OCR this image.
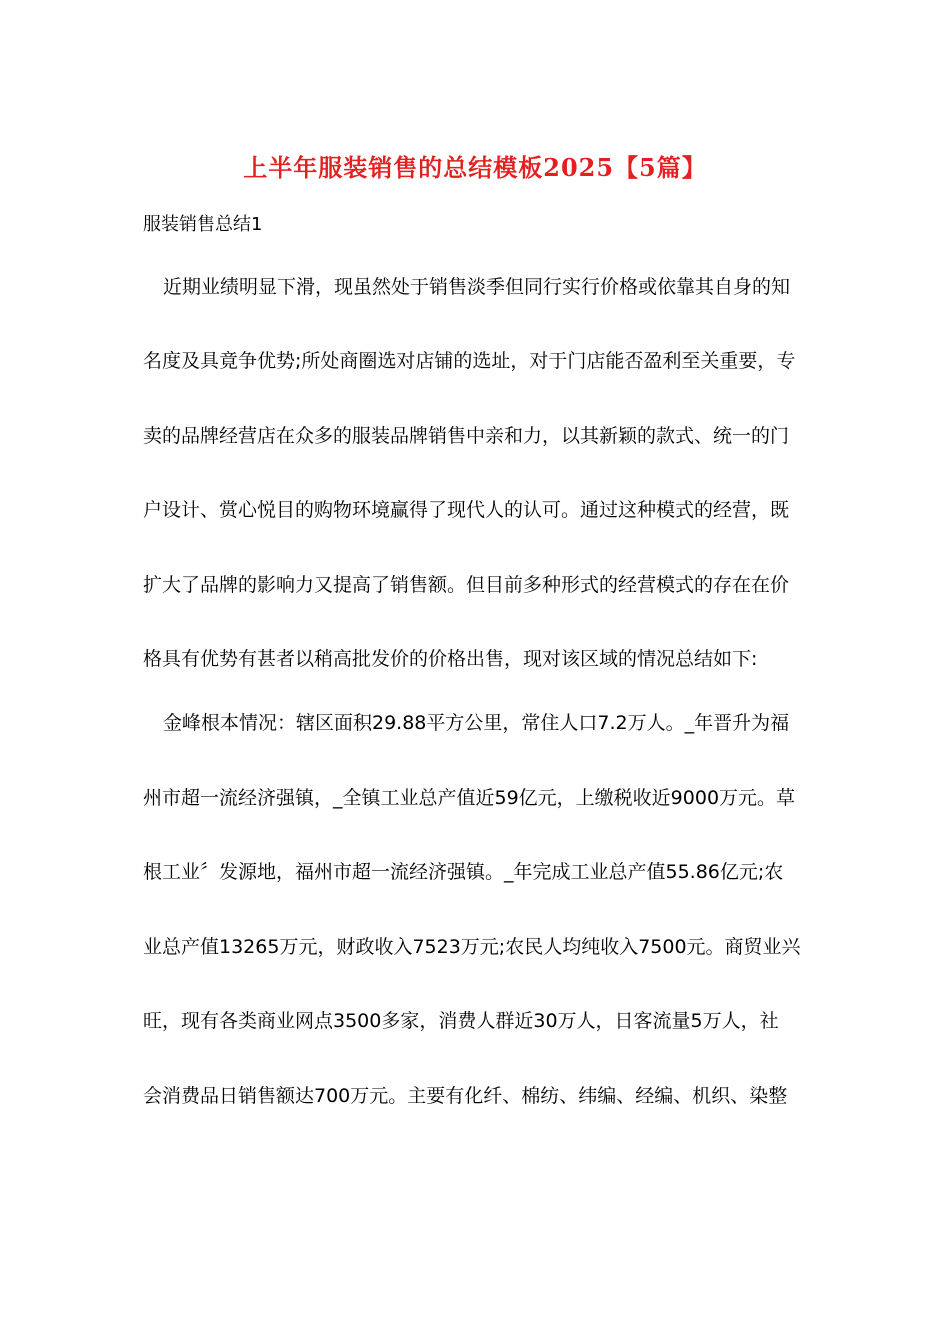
上半年服装销售的总结模板2025【5篇】
服装销售总结1
近期业绩明显下滑，现虽然处于销售淡季但同行实行价格或依靠其自身的知
名度及具竟争优势;所处商圈选对店铺的选址，对于门店能否盈利至关重要，专
卖的品牌经营店在众多的服装品牌销售中亲和力，以其新颖的款式、统一的门
户设计、赏心悦目的购物环境赢得了现代人的认可。通过这种模式的经营，既
扩大了品牌的影响力又提高了销售额。但目前多种形式的经营模式的存在在价
格具有优势有甚者以稍高批发价的价格出售，现对该区域的情况总结如下:
金峰根本情况：辖区面积29.88平方公里，常住人口7.2万人。_年晋升为福
州市超一流经济强镇，_全镇工业总产值近59亿元，上缴税收近9000万元。草
根工业〞发源地，福州市超一流经济强镇。_年完成工业总产值55.86亿元;农
业总产值13265万元，财政收入7523万元;农民人均纯收入7500元。商贸业兴
旺，现有各类商业网点3500多家，消费人群近30万人，日客流量5万人，社
会消费品日销售额达700万元。主要有化纤、棉纺、纬编、经编、机织、染整
